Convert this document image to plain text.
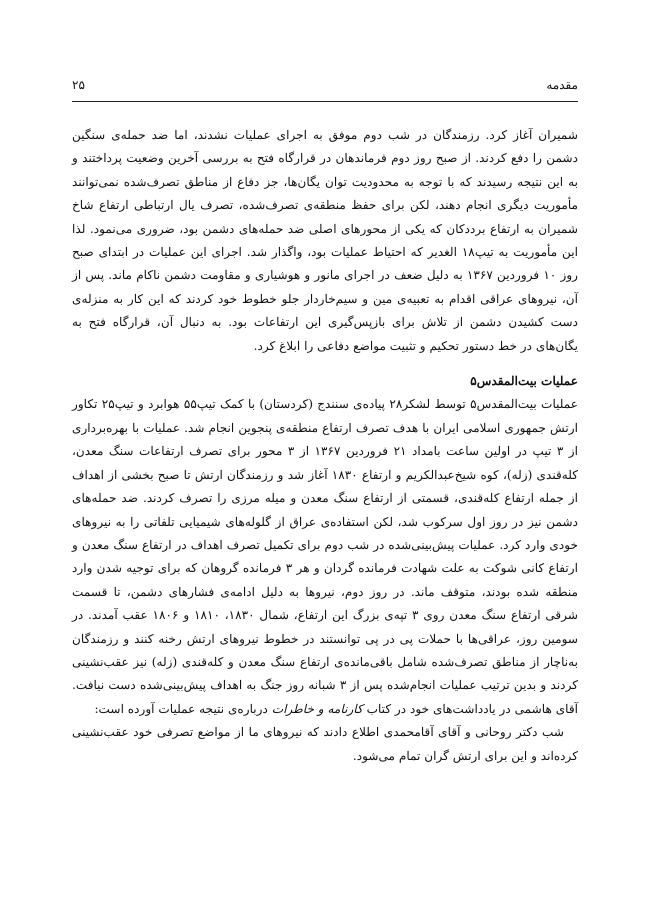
مقدمه
۲۵

شمیران آغاز کرد. رزمندگان در شب دوم موفق به اجرای عملیات نشدند، اما ضد حمله‌ی سنگین دشمن را دفع کردند. از صبح روز دوم فرماندهان در قرارگاه فتح به بررسی آخرین وضعیت پرداختند و به این نتیجه رسیدند که با توجه به محدودیت توان یگان‌ها، جز دفاع از مناطق تصرف‌شده نمی‌توانند مأموریت دیگری انجام دهند، لکن برای حفظ منطقه‌ی تصرف‌شده، تصرف یال ارتباطی ارتفاع شاخ شمیران به ارتفاع برددکان که یکی از محورهای اصلی ضد حمله‌های دشمن بود، ضروری می‌نمود. لذا این مأموریت به تیپ۱۸ الغدیر که احتیاط عملیات بود، واگذار شد. اجرای این عملیات در ابتدای صبح روز ۱۰ فروردین ۱۳۶۷ به دلیل ضعف در اجرای مانور و هوشیاری و مقاومت دشمن ناکام ماند. پس از آن، نیروهای عراقی اقدام به تعبیه‌ی مین و سیم‌خاردار جلو خطوط خود کردند که این کار به منزله‌ی دست کشیدن دشمن از تلاش برای بازپس‌گیری این ارتفاعات بود. به دنبال آن، قرارگاه فتح به یگان‌های در خط دستور تحکیم و تثبیت مواضع دفاعی را ابلاغ کرد.

عملیات بیت‌المقدس۵

عملیات بیت‌المقدس۵ توسط لشکر۲۸ پیاده‌ی سنندج (کردستان) با کمک تیپ۵۵ هوابرد و تیپ۲۵ تکاور ارتش جمهوری اسلامی ایران با هدف تصرف ارتفاع منطقه‌ی پنجوین انجام شد. عملیات با بهره‌برداری از ۳ تیپ در اولین ساعت بامداد ۲۱ فروردین ۱۳۶۷ از ۳ محور برای تصرف ارتفاعات سنگ معدن، کله‌قندی (زله)، کوه شیخ‌عبدالکریم و ارتفاع ۱۸۳۰ آغاز شد و رزمندگان ارتش تا صبح بخشی از اهداف از جمله ارتفاع کله‌قندی، قسمتی از ارتفاع سنگ معدن و میله مرزی را تصرف کردند. ضد حمله‌های دشمن نیز در روز اول سرکوب شد، لکن استفاده‌ی عراق از گلوله‌های شیمیایی تلفاتی را به نیروهای خودی وارد کرد. عملیات پیش‌بینی‌شده در شب دوم برای تکمیل تصرف اهداف در ارتفاع سنگ معدن و ارتفاع کانی شوکت به علت شهادت فرمانده گردان و هر ۳ فرمانده گروهان که برای توجیه شدن وارد منطقه شده بودند، متوقف ماند. در روز دوم، نیروها به دلیل ادامه‌ی فشارهای دشمن، تا قسمت شرقی ارتفاع سنگ معدن روی ۳ تپه‌ی بزرگ این ارتفاع، شمال ۱۸۳۰، ۱۸۱۰ و ۱۸۰۶ عقب آمدند. در سومین روز، عراقی‌ها با حملات پی در پی توانستند در خطوط نیروهای ارتش رخنه کنند و رزمندگان به‌ناچار از مناطق تصرف‌شده شامل باقی‌مانده‌ی ارتفاع سنگ معدن و کله‌قندی (زله) نیز عقب‌نشینی کردند و بدین ترتیب عملیات انجام‌شده پس از ۳ شبانه روز جنگ به اهداف پیش‌بینی‌شده دست نیافت. آقای هاشمی در یادداشت‌های خود در کتاب کارنامه و خاطرات درباره‌ی نتیجه عملیات آورده است:

شب دکتر روحانی و آقای آقامحمدی اطلاع دادند که نیروهای ما از مواضع تصرفی خود عقب‌نشینی کرده‌اند و این برای ارتش گران تمام می‌شود.
